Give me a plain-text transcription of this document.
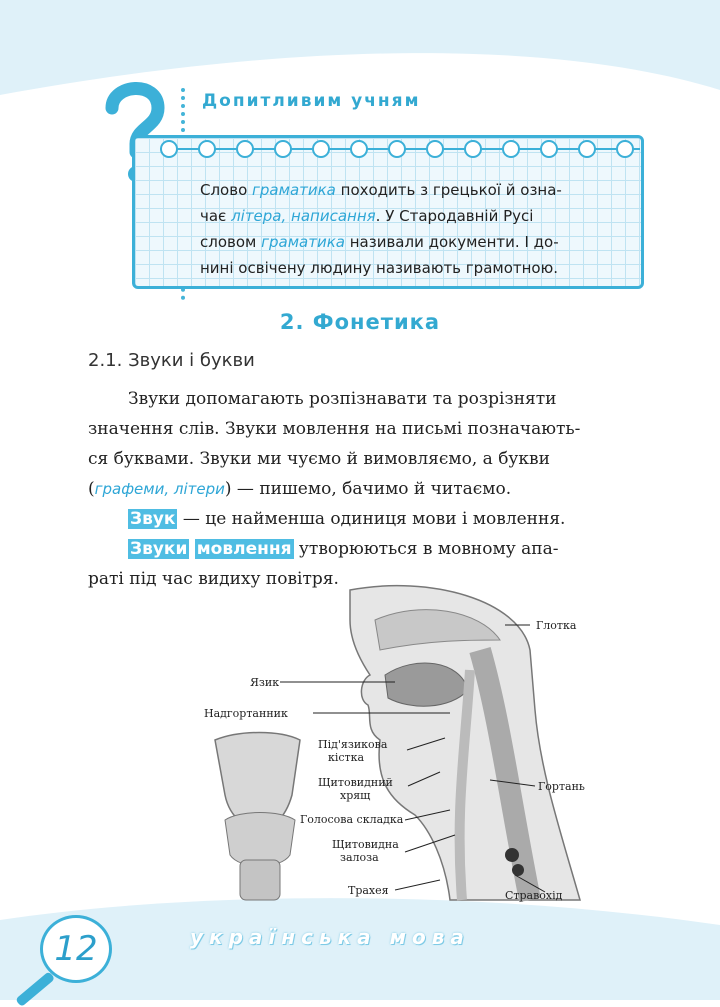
Допитливим учням
Слово граматика походить з грецької й озна-
чає літера, написання. У Стародавній Русі
словом граматика називали документи. І до-
нині освічену людину називають грамотною.
2. Фонетика
2.1. Звуки і букви
Звуки допомагають розпізнавати та розрізняти
значення слів. Звуки мовлення на письмі позначають-
ся буквами. Звуки ми чуємо й вимовляємо, а букви
(графеми, літери) — пишемо, бачимо й читаємо.
Звук — це найменша одиниця мови і мовлення.
Звуки мовлення утворюються в мовному апа-
раті під час видиху повітря.
Глотка
Язик
Надгортанник
Під'язикова
кістка
Щитовидний
хрящ
Гортань
Голосова складка
Щитовидна
залоза
Трахея	Стравохід
12	українська мова
